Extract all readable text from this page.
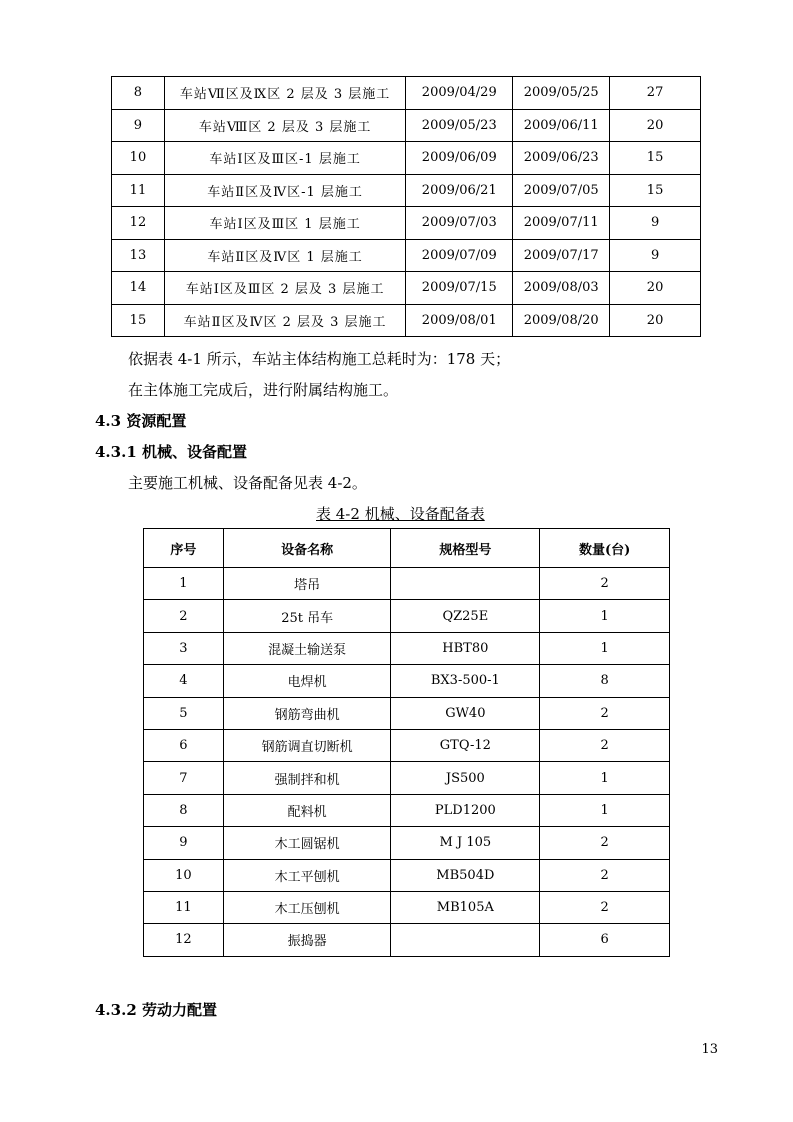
8	车站Ⅶ区及Ⅸ区 2 层及 3 层施工	2009/04/29	2009/05/25	27
9	车站Ⅷ区 2 层及 3 层施工	2009/05/23	2009/06/11	20
10	车站Ⅰ区及Ⅲ区-1 层施工	2009/06/09	2009/06/23	15
11	车站Ⅱ区及Ⅳ区-1 层施工	2009/06/21	2009/07/05	15
12	车站Ⅰ区及Ⅲ区 1 层施工	2009/07/03	2009/07/11	9
13	车站Ⅱ区及Ⅳ区 1 层施工	2009/07/09	2009/07/17	9
14	车站Ⅰ区及Ⅲ区 2 层及 3 层施工	2009/07/15	2009/08/03	20
15	车站Ⅱ区及Ⅳ区 2 层及 3 层施工	2009/08/01	2009/08/20	20
依据表 4-1 所示，车站主体结构施工总耗时为：178 天；
在主体施工完成后，进行附属结构施工。
4.3 资源配置
4.3.1 机械、设备配置
主要施工机械、设备配备见表 4-2。
表 4-2 机械、设备配备表
序号	设备名称	规格型号	数量(台)
1	塔吊		2
2	25t 吊车	QZ25E	1
3	混凝土输送泵	HBT80	1
4	电焊机	BX3-500-1	8
5	钢筋弯曲机	GW40	2
6	钢筋调直切断机	GTQ-12	2
7	强制拌和机	JS500	1
8	配料机	PLD1200	1
9	木工圆锯机	M J 105	2
10	木工平刨机	MB504D	2
11	木工压刨机	MB105A	2
12	振捣器		6
4.3.2 劳动力配置
13
